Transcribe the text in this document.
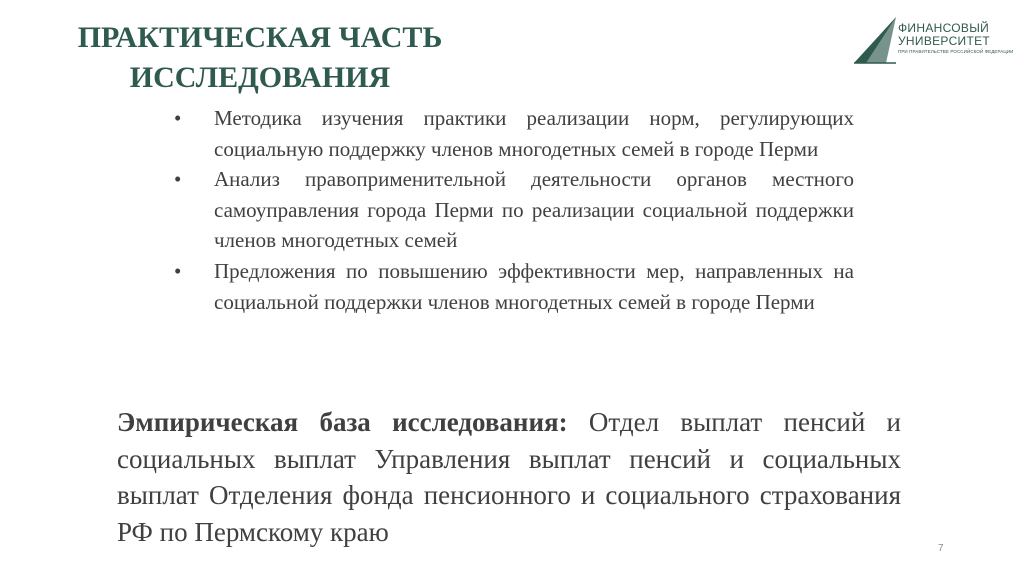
ПРАКТИЧЕСКАЯ ЧАСТЬ ИССЛЕДОВАНИЯ
ФИНАНСОВЫЙ
УНИВЕРСИТЕТ
ПРИ ПРАВИТЕЛЬСТВЕ РОССИЙСКОЙ ФЕДЕРАЦИИ
• Методика изучения практики реализации норм, регулирующих социальную поддержку членов многодетных семей в городе Перми
• Анализ правоприменительной деятельности органов местного самоуправления города Перми по реализации социальной поддержки членов многодетных семей
• Предложения по повышению эффективности мер, направленных на социальной поддержки членов многодетных семей в городе Перми

Эмпирическая база исследования: Отдел выплат пенсий и социальных выплат Управления выплат пенсий и социальных выплат Отделения фонда пенсионного и социального страхования РФ по Пермскому краю

7
